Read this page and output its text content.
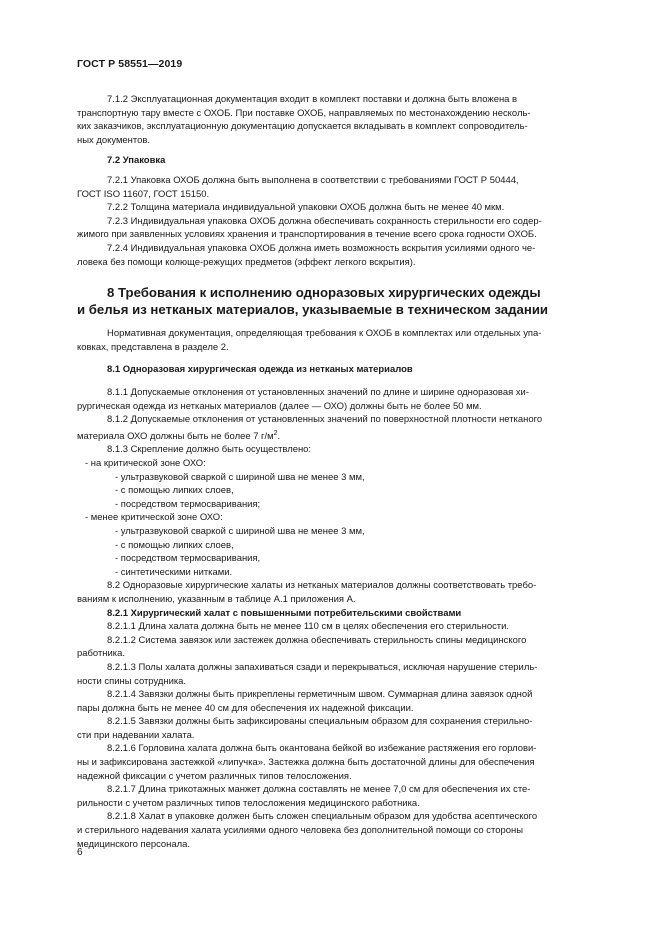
ГОСТ Р 58551—2019

7.1.2 Эксплуатационная документация входит в комплект поставки и должна быть вложена в
транспортную тару вместе с ОХОБ. При поставке ОХОБ, направляемых по местонахождению несколь-
ких заказчиков, эксплуатационную документацию допускается вкладывать в комплект сопроводитель-
ных документов.

7.2 Упаковка

7.2.1 Упаковка ОХОБ должна быть выполнена в соответствии с требованиями ГОСТ Р 50444,
ГОСТ ISO 11607, ГОСТ 15150.

7.2.2 Толщина материала индивидуальной упаковки ОХОБ должна быть не менее 40 мкм.

7.2.3 Индивидуальная упаковка ОХОБ должна обеспечивать сохранность стерильности его содер-
жимого при заявленных условиях хранения и транспортирования в течение всего срока годности ОХОБ.

7.2.4 Индивидуальная упаковка ОХОБ должна иметь возможность вскрытия усилиями одного че-
ловека без помощи колюще-режущих предметов (эффект легкого вскрытия).

8 Требования к исполнению одноразовых хирургических одежды
и белья из нетканых материалов, указываемые в техническом задании

Нормативная документация, определяющая требования к ОХОБ в комплектах или отдельных упа-
ковках, представлена в разделе 2.

8.1 Одноразовая хирургическая одежда из нетканых материалов

8.1.1 Допускаемые отклонения от установленных значений по длине и ширине одноразовая хи-
рургическая одежда из нетканых материалов (далее — ОХО) должны быть не более 50 мм.

8.1.2 Допускаемые отклонения от установленных значений по поверхностной плотности нетканого
материала ОХО должны быть не более 7 $г/м^2$.

8.1.3 Скрепление должно быть осуществлено:

- на критической зоне ОХО:
- ультразвуковой сваркой с шириной шва не менее 3 мм,
- с помощью липких слоев,
- посредством термосваривания;
- менее критической зоне ОХО:
- ультразвуковой сваркой с шириной шва не менее 3 мм,
- с помощью липких слоев,
- посредством термосваривания,
- синтетическими нитками.

8.2 Одноразовые хирургические халаты из нетканых материалов должны соответствовать требо-
ваниям к исполнению, указанным в таблице А.1 приложения А.

8.2.1 Хирургический халат с повышенными потребительскими свойствами

8.2.1.1 Длина халата должна быть не менее 110 см в целях обеспечения его стерильности.

8.2.1.2 Система завязок или застежек должна обеспечивать стерильность спины медицинского
работника.

8.2.1.3 Полы халата должны запахиваться сзади и перекрываться, исключая нарушение стериль-
ности спины сотрудника.

8.2.1.4 Завязки должны быть прикреплены герметичным швом. Суммарная длина завязок одной
пары должна быть не менее 40 см для обеспечения их надежной фиксации.

8.2.1.5 Завязки должны быть зафиксированы специальным образом для сохранения стерильно-
сти при надевании халата.

8.2.1.6 Горловина халата должна быть окантована бейкой во избежание растяжения его горлови-
ны и зафиксирована застежкой «липучка». Застежка должна быть достаточной длины для обеспечения
надежной фиксации с учетом различных типов телосложения.

8.2.1.7 Длина трикотажных манжет должна составлять не менее 7,0 см для обеспечения их сте-
рильности с учетом различных типов телосложения медицинского работника.

8.2.1.8 Халат в упаковке должен быть сложен специальным образом для удобства асептического
и стерильного надевания халата усилиями одного человека без дополнительной помощи со стороны
медицинского персонала.

6
